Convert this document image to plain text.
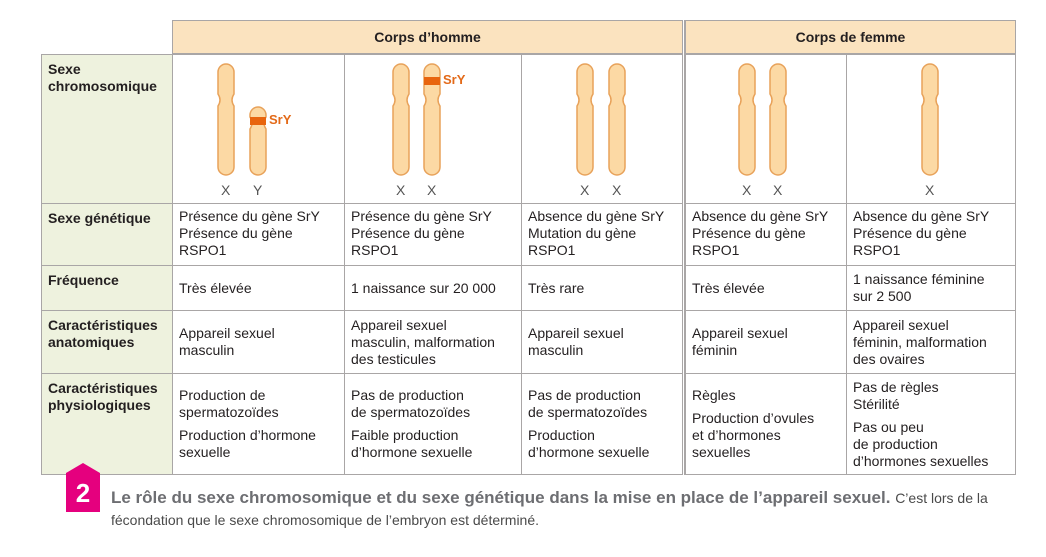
Corps d’homme	Corps de femme
Sexe chromosomique
Sexe génétique
Fréquence
Caractéristiques anatomiques
Caractéristiques physiologiques
X
SrY
Y
Présence du gène SrY
Présence du gène
RSPO1
Très élevée
Appareil sexuel
masculin
Production de
spermatozoïdes
Production d’hormone
sexuelle
X
SrY
X
Présence du gène SrY
Présence du gène
RSPO1
1 naissance sur 20 000
Appareil sexuel
masculin, malformation
des testicules
Pas de production
de spermatozoïdes
Faible production
d’hormone sexuelle
X X
Absence du gène SrY
Mutation du gène
RSPO1
Très rare
Appareil sexuel
masculin
Pas de production
de spermatozoïdes
Production
d’hormone sexuelle
X X
Absence du gène SrY
Présence du gène
RSPO1
Très élevée
Appareil sexuel
féminin
Règles
Production d’ovules
et d’hormones
sexuelles
X
Absence du gène SrY
Présence du gène
RSPO1
1 naissance féminine
sur 2 500
Appareil sexuel
féminin, malformation
des ovaires
Pas de règles
Stérilité
Pas ou peu
de production
d’hormones sexuelles
2	Le rôle du sexe chromosomique et du sexe génétique dans la mise en place de l’appareil sexuel. C’est lors de la fécondation que le sexe chromosomique de l’embryon est déterminé.
